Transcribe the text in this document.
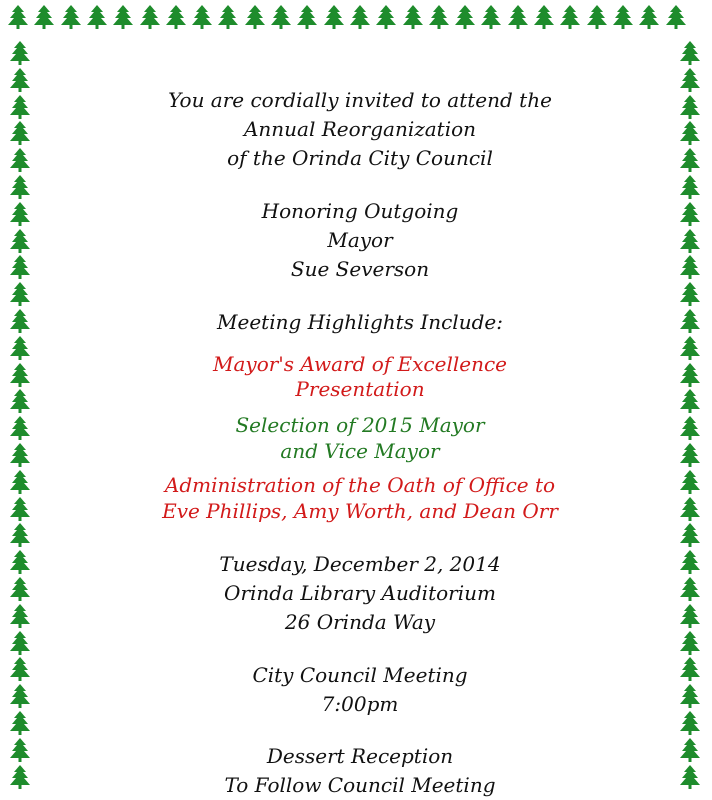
You are cordially invited to attend the
Annual Reorganization
of the Orinda City Council
Honoring Outgoing
Mayor
Sue Severson
Meeting Highlights Include:
Mayor's Award of Excellence
Presentation
Selection of 2015 Mayor
and Vice Mayor
Administration of the Oath of Office to
Eve Phillips, Amy Worth, and Dean Orr
Tuesday, December 2, 2014
Orinda Library Auditorium
26 Orinda Way
City Council Meeting
7:00pm
Dessert Reception
To Follow Council Meeting
